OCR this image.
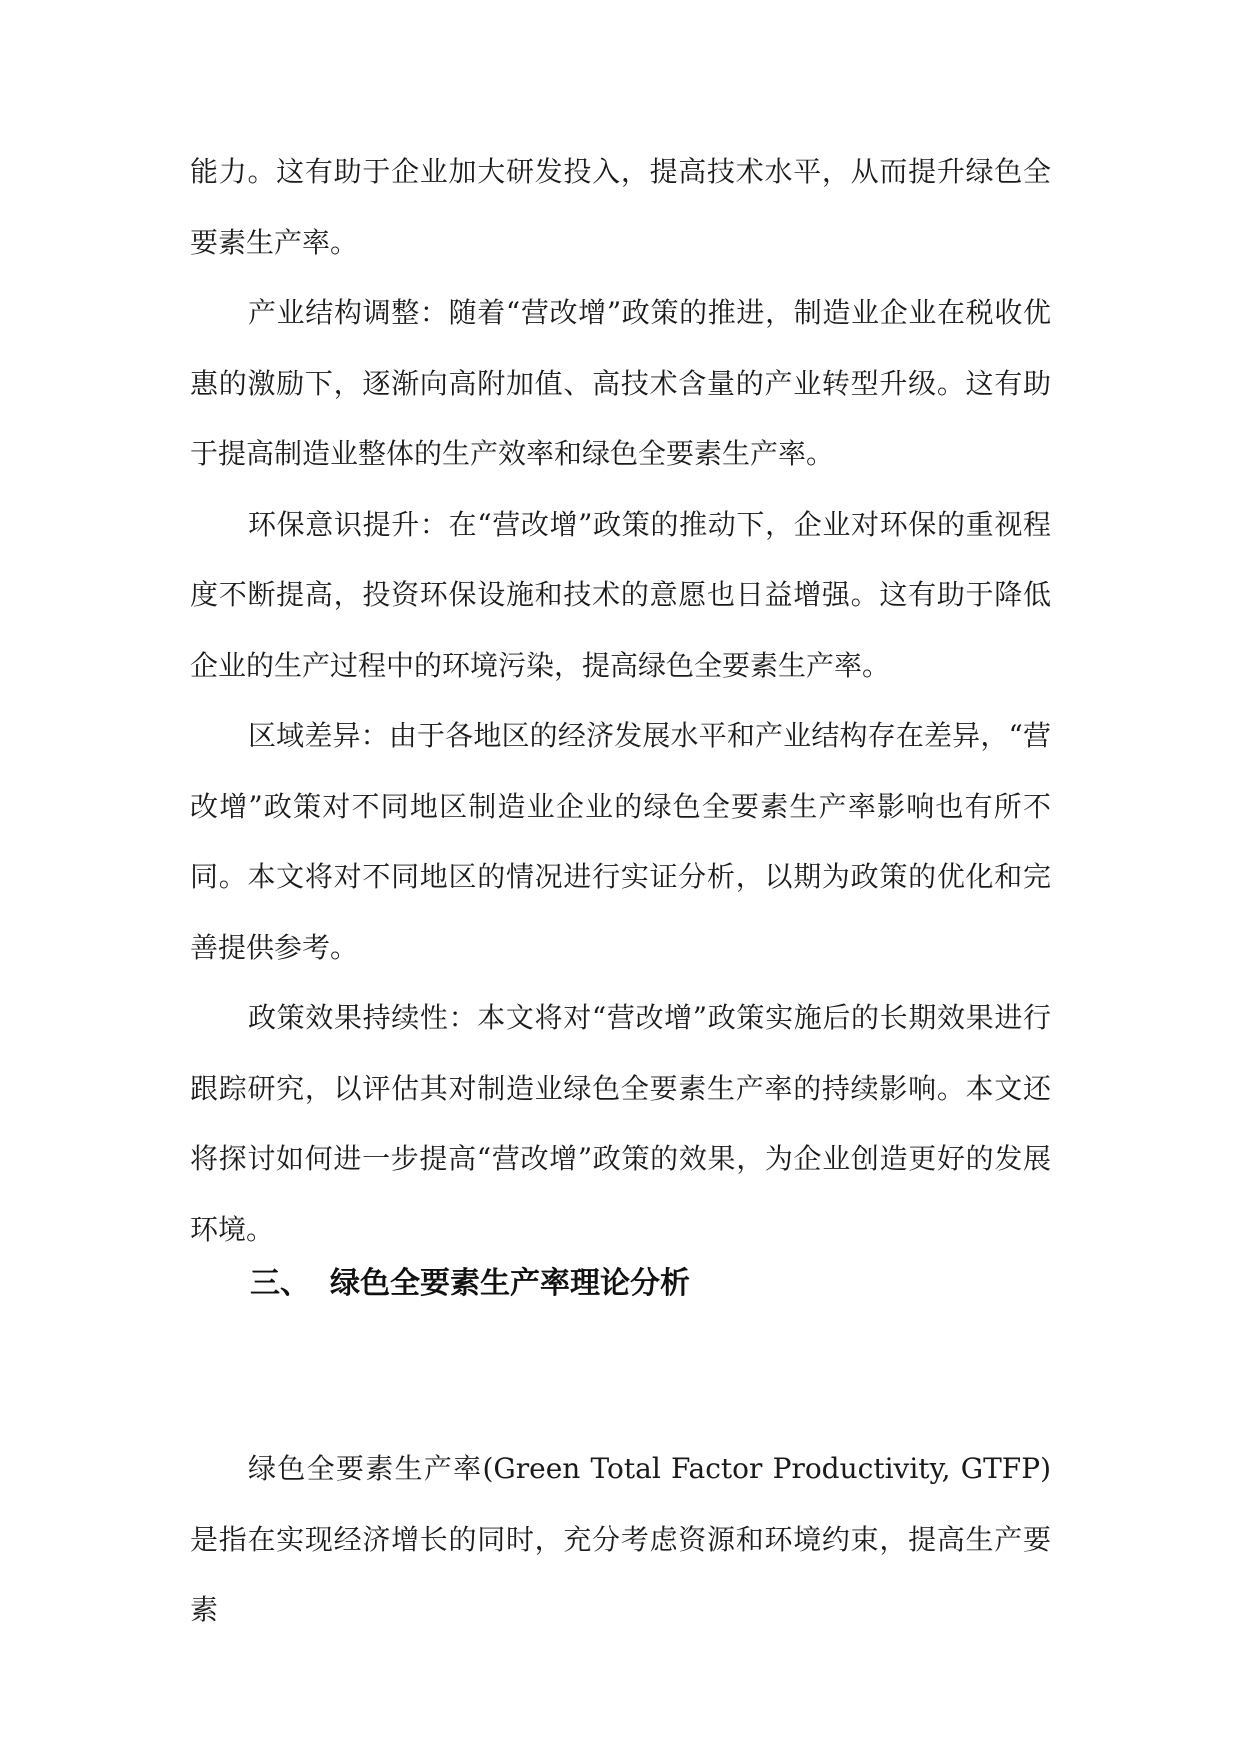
能力。这有助于企业加大研发投入，提高技术水平，从而提升绿色全要素生产率。

产业结构调整：随着“营改增”政策的推进，制造业企业在税收优惠的激励下，逐渐向高附加值、高技术含量的产业转型升级。这有助于提高制造业整体的生产效率和绿色全要素生产率。

环保意识提升：在“营改增”政策的推动下，企业对环保的重视程度不断提高，投资环保设施和技术的意愿也日益增强。这有助于降低企业的生产过程中的环境污染，提高绿色全要素生产率。

区域差异：由于各地区的经济发展水平和产业结构存在差异，“营改增”政策对不同地区制造业企业的绿色全要素生产率影响也有所不同。本文将对不同地区的情况进行实证分析，以期为政策的优化和完善提供参考。

政策效果持续性：本文将对“营改增”政策实施后的长期效果进行跟踪研究，以评估其对制造业绿色全要素生产率的持续影响。本文还将探讨如何进一步提高“营改增”政策的效果，为企业创造更好的发展环境。

三、 绿色全要素生产率理论分析

绿色全要素生产率(Green Total Factor Productivity, GTFP)是指在实现经济增长的同时，充分考虑资源和环境约束，提高生产要素
